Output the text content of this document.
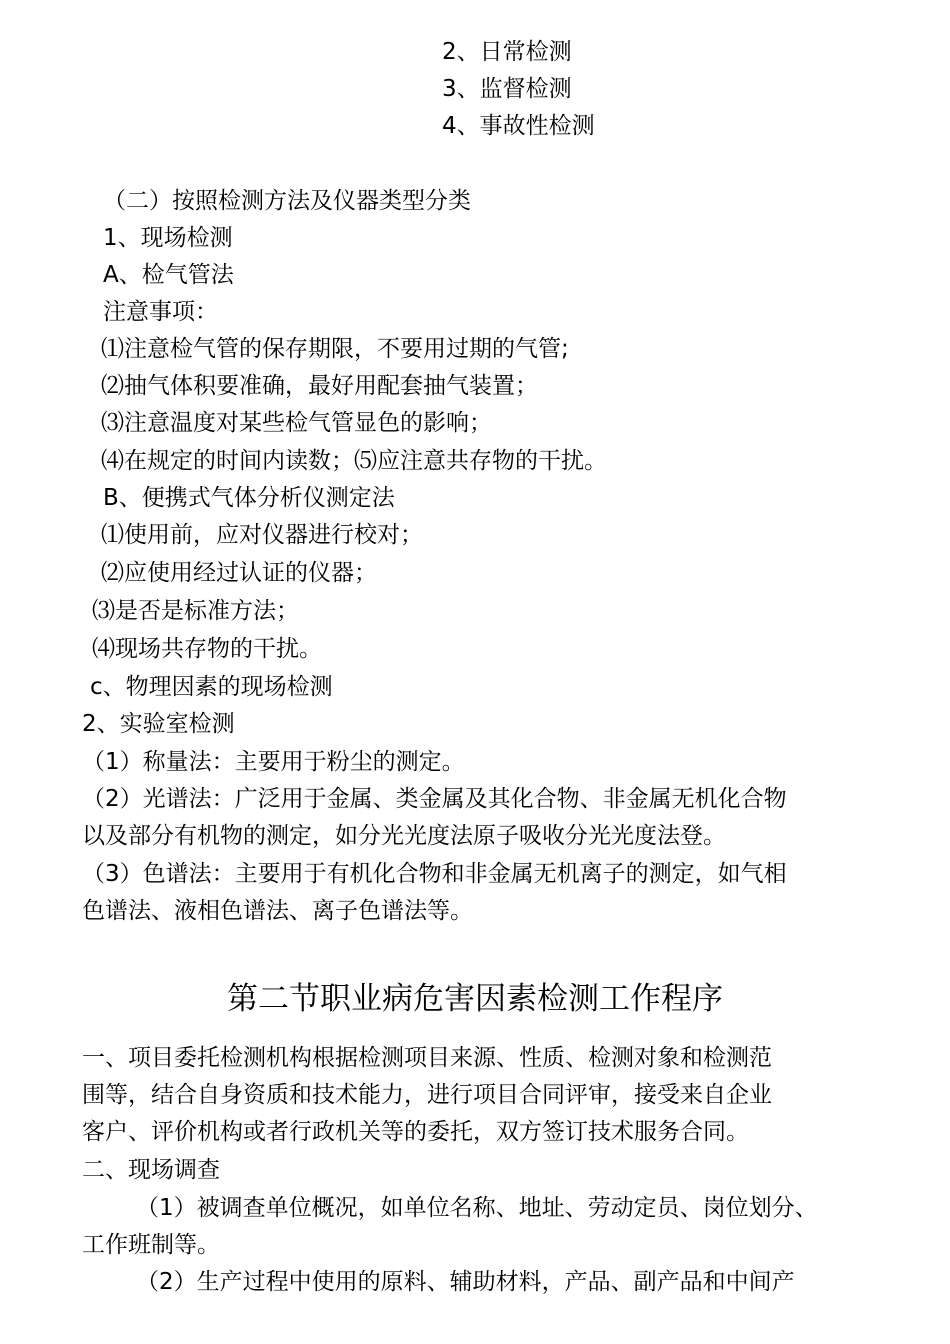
2、日常检测
3、监督检测
4、事故性检测
（二）按照检测方法及仪器类型分类
1、现场检测
A、检气管法
注意事项：
⑴注意检气管的保存期限，不要用过期的气管;
⑵抽气体积要准确，最好用配套抽气装置；
⑶注意温度对某些检气管显色的影响；
⑷在规定的时间内读数；⑸应注意共存物的干扰。
B、便携式气体分析仪测定法
⑴使用前，应对仪器进行校对；
⑵应使用经过认证的仪器；
⑶是否是标准方法；
⑷现场共存物的干扰。
c、物理因素的现场检测
2、实验室检测
（1）称量法：主要用于粉尘的测定。
（2）光谱法：广泛用于金属、类金属及其化合物、非金属无机化合物
以及部分有机物的测定，如分光光度法原子吸收分光光度法登。
（3）色谱法：主要用于有机化合物和非金属无机离子的测定，如气相
色谱法、液相色谱法、离子色谱法等。
第二节职业病危害因素检测工作程序
一、项目委托检测机构根据检测项目来源、性质、检测对象和检测范
围等，结合自身资质和技术能力，进行项目合同评审，接受来自企业
客户、评价机构或者行政机关等的委托，双方签订技术服务合同。
二、现场调查
（1）被调查单位概况，如单位名称、地址、劳动定员、岗位划分、
工作班制等。
（2）生产过程中使用的原料、辅助材料，产品、副产品和中间产
